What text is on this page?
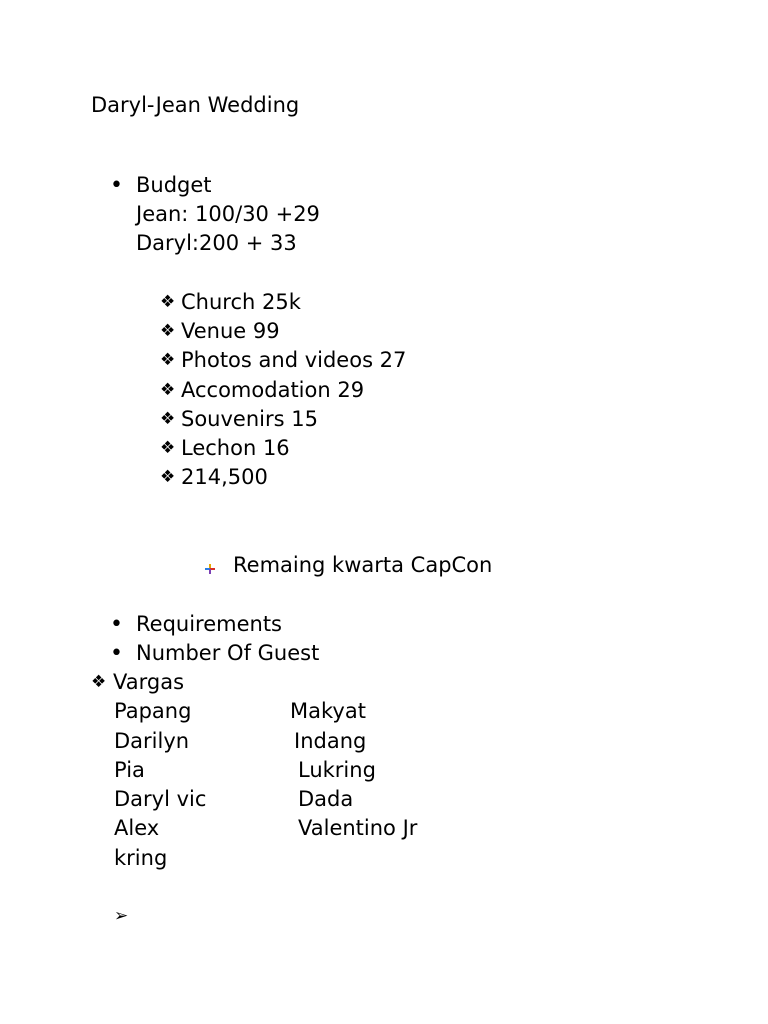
Daryl-Jean Wedding
• Budget
Jean: 100/30 +29
Daryl:200 + 33
❖ Church 25k
❖ Venue 99
❖ Photos and videos 27
❖ Accomodation 29
❖ Souvenirs 15
❖ Lechon 16
❖ 214,500
Remaing kwarta CapCon
• Requirements
• Number Of Guest
❖ Vargas
Papang	Makyat
Darilyn	Indang
Pia	Lukring
Daryl vic	Dada
Alex	Valentino Jr
kring
➢
